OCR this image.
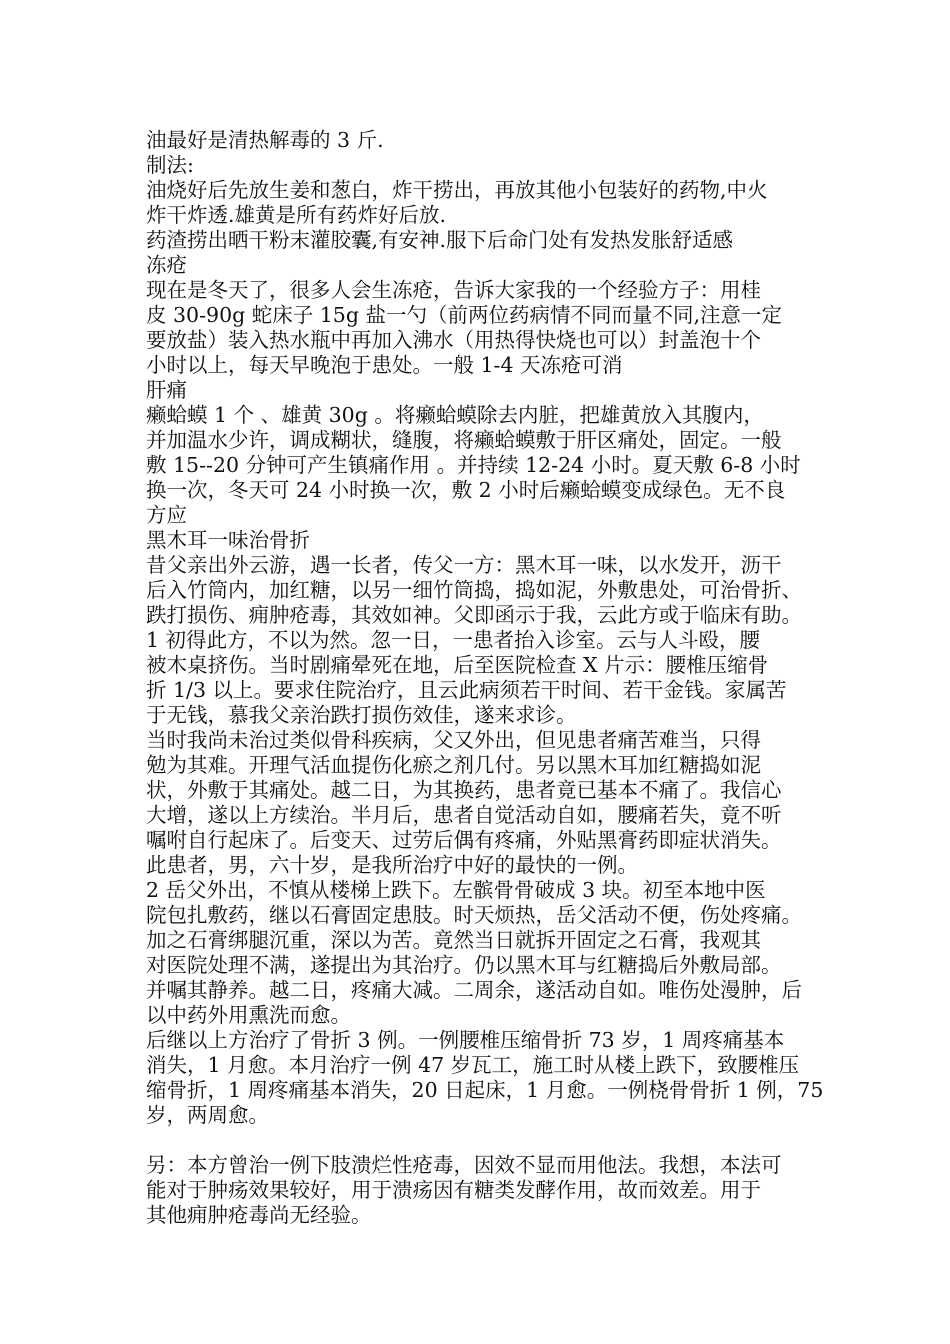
油最好是清热解毒的 3 斤.
制法:
油烧好后先放生姜和葱白，炸干捞出，再放其他小包装好的药物,中火
炸干炸透.雄黄是所有药炸好后放.
药渣捞出晒干粉末灌胶囊,有安神.服下后命门处有发热发胀舒适感
冻疮
现在是冬天了，很多人会生冻疮，告诉大家我的一个经验方子：用桂
皮 30-90g 蛇床子 15g 盐一勺（前两位药病情不同而量不同,注意一定
要放盐）装入热水瓶中再加入沸水（用热得快烧也可以）封盖泡十个
小时以上，每天早晚泡于患处。一般 1-4 天冻疮可消
肝痛
癞蛤蟆 1 个 、雄黄 30g 。将癞蛤蟆除去内脏，把雄黄放入其腹内，
并加温水少许，调成糊状，缝腹，将癞蛤蟆敷于肝区痛处，固定。一般
敷 15--20 分钟可产生镇痛作用 。并持续 12-24 小时。夏天敷 6-8 小时
换一次，冬天可 24 小时换一次，敷 2 小时后癞蛤蟆变成绿色。无不良
方应
黑木耳一味治骨折
昔父亲出外云游，遇一长者，传父一方：黑木耳一味，以水发开，沥干
后入竹筒内，加红糖，以另一细竹筒捣，捣如泥，外敷患处，可治骨折、
跌打损伤、痈肿疮毒，其效如神。父即函示于我，云此方或于临床有助。
1 初得此方，不以为然。忽一日，一患者抬入诊室。云与人斗殴，腰
被木桌挤伤。当时剧痛晕死在地，后至医院检查 X 片示：腰椎压缩骨
折 1/3 以上。要求住院治疗，且云此病须若干时间、若干金钱。家属苦
于无钱，慕我父亲治跌打损伤效佳，遂来求诊。
当时我尚未治过类似骨科疾病，父又外出，但见患者痛苦难当，只得
勉为其难。开理气活血提伤化瘀之剂几付。另以黑木耳加红糖捣如泥
状，外敷于其痛处。越二日，为其换药，患者竟已基本不痛了。我信心
大增，遂以上方续治。半月后，患者自觉活动自如，腰痛若失，竟不听
嘱咐自行起床了。后变天、过劳后偶有疼痛，外贴黑膏药即症状消失。
此患者，男，六十岁，是我所治疗中好的最快的一例。
2 岳父外出，不慎从楼梯上跌下。左髌骨骨破成 3 块。初至本地中医
院包扎敷药，继以石膏固定患肢。时天烦热，岳父活动不便，伤处疼痛。
加之石膏绑腿沉重，深以为苦。竟然当日就拆开固定之石膏，我观其
对医院处理不满，遂提出为其治疗。仍以黑木耳与红糖捣后外敷局部。
并嘱其静养。越二日，疼痛大减。二周余，遂活动自如。唯伤处漫肿，后
以中药外用熏洗而愈。
后继以上方治疗了骨折 3 例。一例腰椎压缩骨折 73 岁，1 周疼痛基本
消失，1 月愈。本月治疗一例 47 岁瓦工，施工时从楼上跌下，致腰椎压
缩骨折，1 周疼痛基本消失，20 日起床，1 月愈。一例桡骨骨折 1 例，75
岁，两周愈。
另：本方曾治一例下肢溃烂性疮毒，因效不显而用他法。我想，本法可
能对于肿疡效果较好，用于溃疡因有糖类发酵作用，故而效差。用于
其他痈肿疮毒尚无经验。
